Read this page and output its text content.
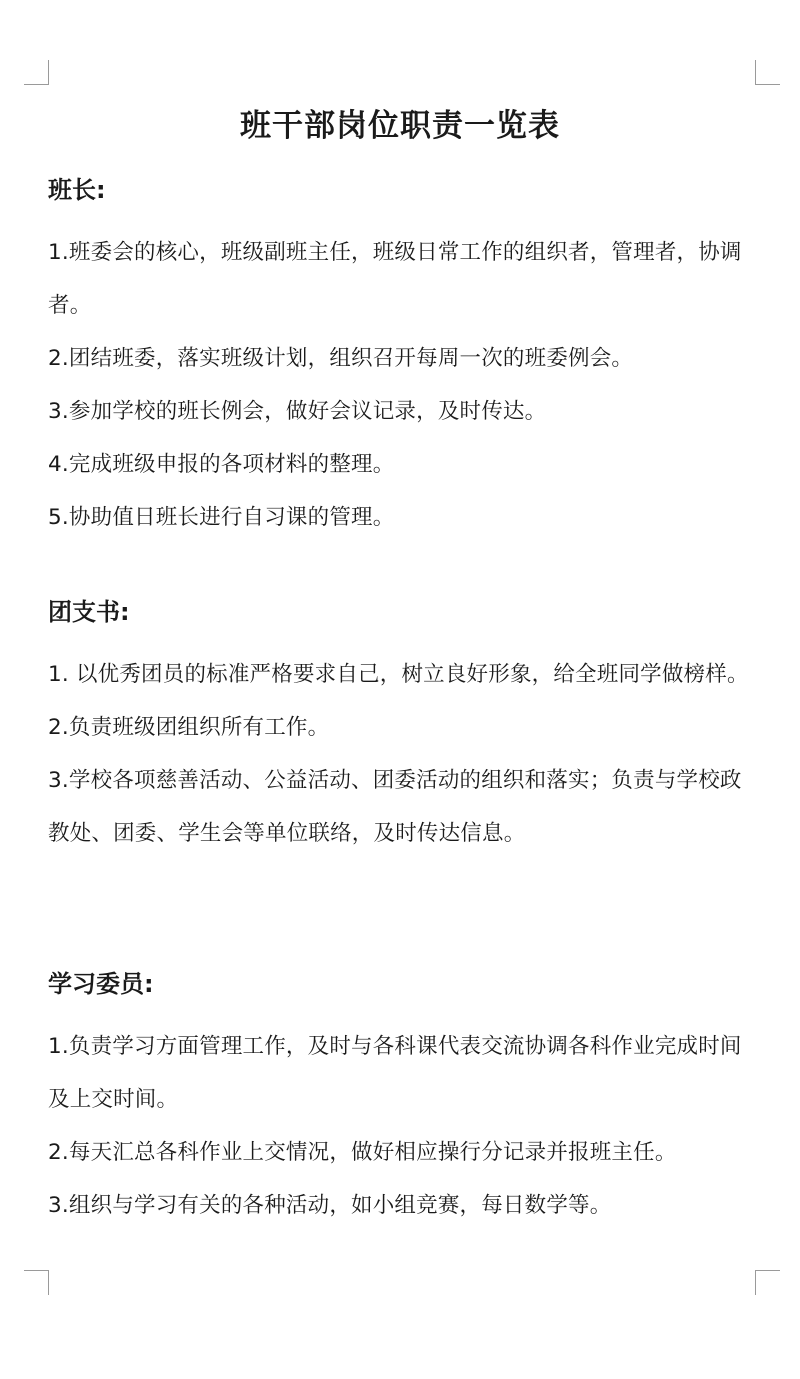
班干部岗位职责一览表
班长:

1.班委会的核心，班级副班主任，班级日常工作的组织者，管理者，协调者。

2.团结班委，落实班级计划，组织召开每周一次的班委例会。

3.参加学校的班长例会，做好会议记录，及时传达。

4.完成班级申报的各项材料的整理。

5.协助值日班长进行自习课的管理。

团支书:

1. 以优秀团员的标准严格要求自己，树立良好形象，给全班同学做榜样。

2.负责班级团组织所有工作。

3.学校各项慈善活动、公益活动、团委活动的组织和落实；负责与学校政教处、团委、学生会等单位联络，及时传达信息。

学习委员:

1.负责学习方面管理工作，及时与各科课代表交流协调各科作业完成时间及上交时间。

2.每天汇总各科作业上交情况，做好相应操行分记录并报班主任。

3.组织与学习有关的各种活动，如小组竞赛，每日数学等。
